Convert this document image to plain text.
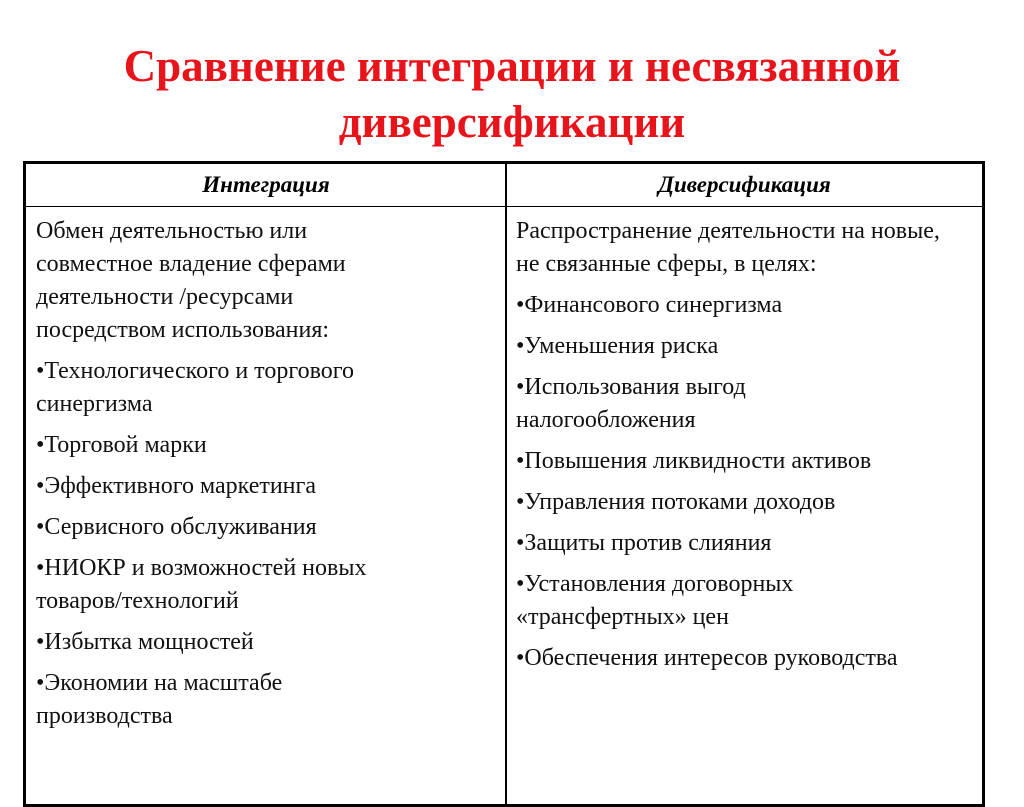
Сравнение интеграции и несвязанной
диверсификации
Интеграция	Диверсификация

Обмен деятельностью или совместное владение сферами деятельности /ресурсами посредством использования:

•Технологического и торгового синергизма

•Торговой марки

•Эффективного маркетинга

•Сервисного обслуживания

•НИОКР и возможностей новых товаров/технологий

•Избытка мощностей

•Экономии на масштабе производства

Распространение деятельности на новые, не связанные сферы, в целях:

•Финансового синергизма

•Уменьшения риска

•Использования выгод налогообложения

•Повышения ликвидности активов

•Управления потоками доходов

•Защиты против слияния

•Установления договорных «трансфертных» цен

•Обеспечения интересов руководства
